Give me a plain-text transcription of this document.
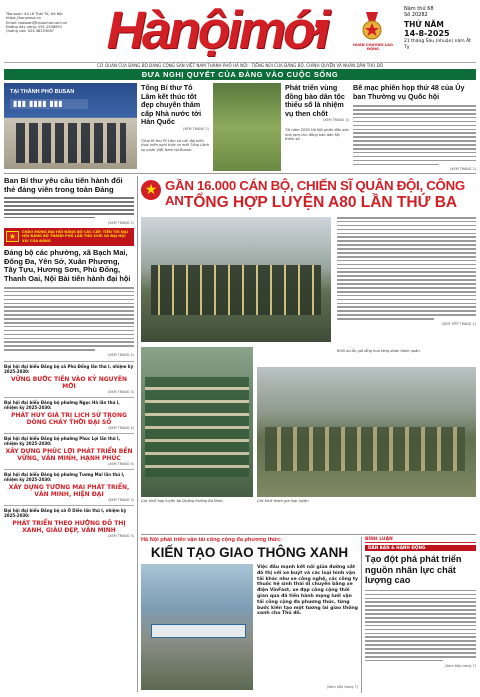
Tòa soạn: 44 Lê Thái Tổ, Hà Nội
https://hanoimoi.vn
Email: toasoan@hanoimoi.com.vn
Đường dây nóng: 091.2438691
Quảng cáo: 024.38253067 Hànộimới	HUÂN CHƯƠNG LAO ĐỘNG
Năm thứ 68
Số 20282
THỨ NĂM
14-8-2025
21 tháng Sáu (nhuận) năm Ất Tỵ
CƠ QUAN CỦA ĐẢNG BỘ ĐẢNG CỘNG SẢN VIỆT NAM THÀNH PHỐ HÀ NỘI · TIẾNG NÓI CỦA ĐẢNG BỘ, CHÍNH QUYỀN VÀ NHÂN DÂN THỦ ĐÔ
ĐƯA NGHỊ QUYẾT CỦA ĐẢNG VÀO CUỘC SỐNG
TẠI THÀNH PHỐ BUSAN
▮▮▮ ▮▮▮▮ ▮▮▮
Tổng Bí thư Tô Lâm kết thúc tốt đẹp chuyến thăm cấp Nhà nước tới Hàn Quốc
(XEM TRANG 2)
Tổng Bí thư Tô Lâm và các đại biểu thực hiện nghi thức ra mắt Tổng Lãnh sự quán Việt Nam tại Busan.
Phát triển vùng đồng bào dân tộc thiểu số là nhiệm vụ then chốt
(XEM TRANG 3)
Tới năm 2030 Hà Nội phấn đấu xóa nhà tạm cho đồng bào dân tộc thiểu số.
Bế mạc phiên họp thứ 48 của Ủy ban Thường vụ Quốc hội
(XEM TRANG 2)
Ban Bí thư yêu cầu tiến hành đổi thẻ đảng viên trong toàn Đảng
(XEM TRANG 2)
★	CHÀO MỪNG ĐẠI HỘI ĐẢNG BỘ CÁC CẤP, TIẾN TỚI ĐẠI HỘI ĐẢNG BỘ THÀNH PHỐ LẦN THỨ XVIII VÀ ĐẠI HỘI XIV CỦA ĐẢNG
Đảng bộ các phường, xã Bạch Mai, Đống Đa, Yên Sở, Xuân Phương, Tây Tựu, Hương Sơn, Phù Đổng, Thanh Oai, Nội Bài tiến hành đại hội
(XEM TRANG 4)
Đại hội đại biểu Đảng bộ xã Phù Đổng lần thứ I, nhiệm kỳ 2025-2030:
VỮNG BƯỚC TIẾN VÀO KỶ NGUYÊN MỚI
(XEM TRANG 3)
Đại hội đại biểu Đảng bộ phường Ngọc Hà lần thứ I, nhiệm kỳ 2025-2030:
PHÁT HUY GIÁ TRỊ LỊCH SỬ TRONG DÒNG CHẢY THỜI ĐẠI SỐ
(XEM TRANG 4)
Đại hội đại biểu Đảng bộ phường Phúc Lợi lần thứ I, nhiệm kỳ 2025-2030:
XÂY DỰNG PHÚC LỢI PHÁT TRIỂN BỀN VỮNG, VĂN MINH, HẠNH PHÚC
(XEM TRANG 4)
Đại hội đại biểu Đảng bộ phường Tương Mai lần thứ I, nhiệm kỳ 2025-2030:
XÂY DỰNG TƯƠNG MAI PHÁT TRIỂN, VĂN MINH, HIỆN ĐẠI
(XEM TRANG 5)
Đại hội đại biểu Đảng bộ xã Ô Diên lần thứ I, nhiệm kỳ 2025-2030:
PHÁT TRIỂN THEO HƯỚNG ĐÔ THỊ XANH, GIÀU ĐẸP, VĂN MINH
(XEM TRANG 5)
★ GẦN 16.000 CÁN BỘ, CHIẾN SĨ QUÂN ĐỘI, CÔNG AN TỔNG HỢP LUYỆN A80 LẦN THỨ BA
(XEM TIẾP TRANG 2)
Khối nữ Ấn gửi lẵng hoa tặng đoàn hành quân.
Các khối hợp luyện tại Quảng trường Ba Đình.	Các khối tham gia hợp luyện.
Hà Nội phát triển vận tải công cộng đa phương thức:
KIẾN TẠO GIAO THÔNG XANH
Việc đầu mạnh kết nối giữa đường sắt đô thị với xe buýt và các loại hình vận tải khác như xe công nghệ, các công ty thuốc hệ sinh thái di chuyển bằng xe điện VinFast, xe đạp công cộng thời gian qua đã tiến hành mạng lưới vận tải công cộng đa phương thức, từng bước kiến tạo một tương lai giao thông xanh cho Thủ đô.
(Xem tiếp trang 7)
BÌNH LUẬN
DÂN BÀN & HÀNH ĐỘNG
Tạo đột phá phát triển nguồn nhân lực chất lượng cao
(Xem tiếp trang 7)
